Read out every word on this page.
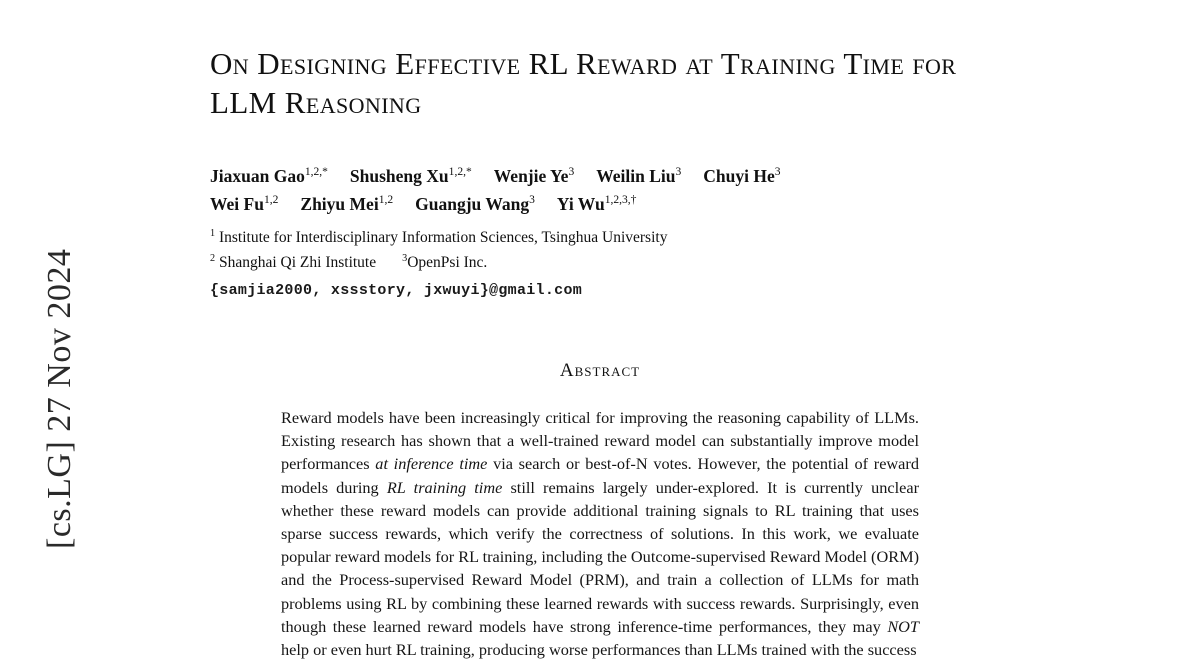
[cs.LG] 27 Nov 2024
On Designing Effective RL Reward at Training Time for LLM Reasoning
Jiaxuan Gao$^{1,2,*}$ Shusheng $Xu^{1,2,*}$ Wenjie Ye$^3$ Weilin Liu$^3$ Chuyi He$^3$
Wei Fu$^{1,2}$ Zhiyu Mei$^{1,2}$ Guangju Wang$^3$ Yi $Wu^{1,2,3,\dagger}$
$^1$ Institute for Interdisciplinary Information Sciences, Tsinghua University
$^2$ Shanghai Qi Zhi Institute	$^3$OpenPsi Inc.
{samjia2000, xssstory, jxwuyi}@gmail.com
Abstract
Reward models have been increasingly critical for improving the reasoning capability of LLMs. Existing research has shown that a well-trained reward model can substantially improve model performances at inference time via search or best-of-N votes. However, the potential of reward models during RL training time still remains largely under-explored. It is currently unclear whether these reward models can provide additional training signals to RL training that uses sparse success rewards, which verify the correctness of solutions. In this work, we evaluate popular reward models for RL training, including the Outcome-supervised Reward Model (ORM) and the Process-supervised Reward Model (PRM), and train a collection of LLMs for math problems using RL by combining these learned rewards with success rewards. Surprisingly, even though these learned reward models have strong inference-time performances, they may NOT help or even hurt RL training, producing worse performances than LLMs trained with the success
